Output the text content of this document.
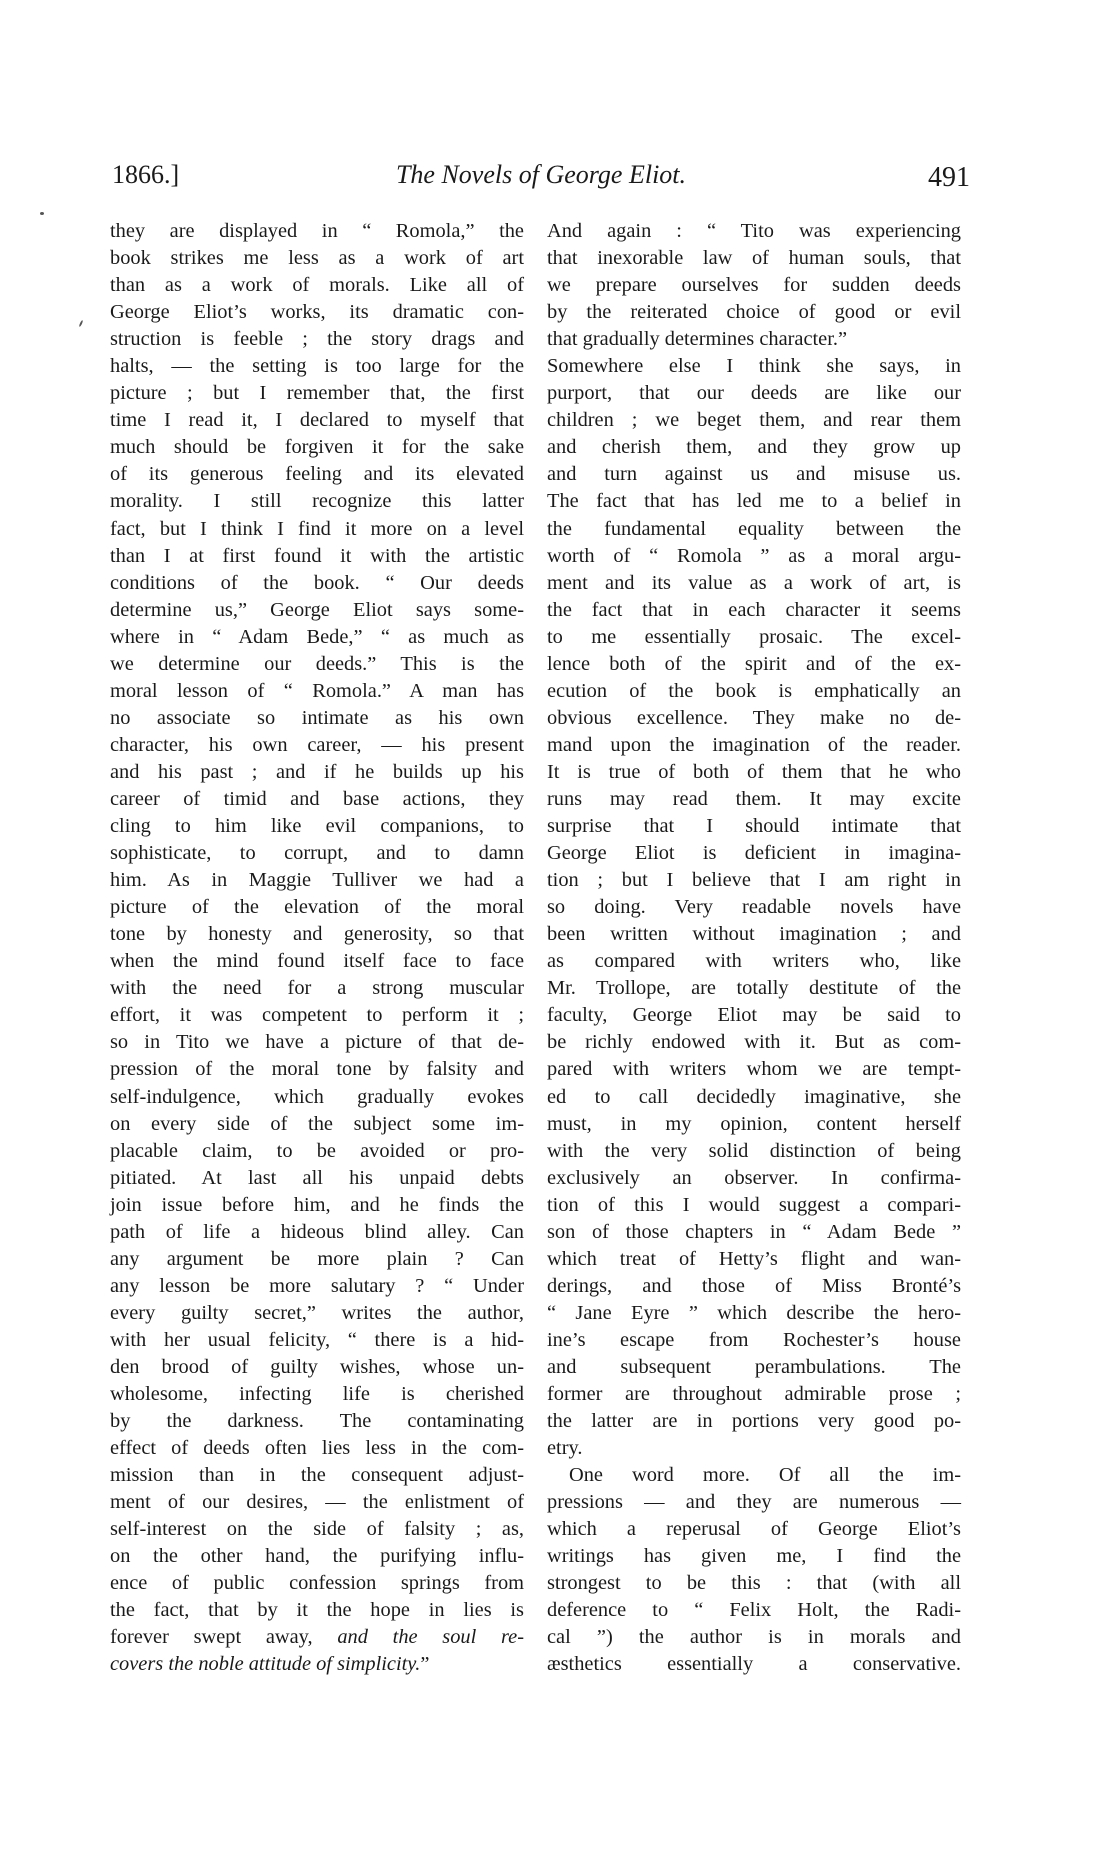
1866.]	The Novels of George Eliot.	491
they are displayed in “ Romola,” the
book strikes me less as a work of art
than as a work of morals. Like all of
George Eliot’s works, its dramatic con-
struction is feeble ; the story drags and
halts, — the setting is too large for the
picture ; but I remember that, the first
time I read it, I declared to myself that
much should be forgiven it for the sake
of its generous feeling and its elevated
morality. I still recognize this latter
fact, but I think I find it more on a level
than I at first found it with the artistic
conditions of the book. “ Our deeds
determine us,” George Eliot says some-
where in “ Adam Bede,” “ as much as
we determine our deeds.” This is the
moral lesson of “ Romola.” A man has
no associate so intimate as his own
character, his own career, — his present
and his past ; and if he builds up his
career of timid and base actions, they
cling to him like evil companions, to
sophisticate, to corrupt, and to damn
him. As in Maggie Tulliver we had a
picture of the elevation of the moral
tone by honesty and generosity, so that
when the mind found itself face to face
with the need for a strong muscular
effort, it was competent to perform it ;
so in Tito we have a picture of that de-
pression of the moral tone by falsity and
self-indulgence, which gradually evokes
on every side of the subject some im-
placable claim, to be avoided or pro-
pitiated. At last all his unpaid debts
join issue before him, and he finds the
path of life a hideous blind alley. Can
any argument be more plain ? Can
any lesson be more salutary ? “ Under
every guilty secret,” writes the author,
with her usual felicity, “ there is a hid-
den brood of guilty wishes, whose un-
wholesome, infecting life is cherished
by the darkness. The contaminating
effect of deeds often lies less in the com-
mission than in the consequent adjust-
ment of our desires, — the enlistment of
self-interest on the side of falsity ; as,
on the other hand, the purifying influ-
ence of public confession springs from
the fact, that by it the hope in lies is
forever swept away, and the soul re-
covers the noble attitude of simplicity.”
And again : “ Tito was experiencing
that inexorable law of human souls, that
we prepare ourselves for sudden deeds
by the reiterated choice of good or evil
that gradually determines character.”
Somewhere else I think she says, in
purport, that our deeds are like our
children ; we beget them, and rear them
and cherish them, and they grow up
and turn against us and misuse us.
The fact that has led me to a belief in
the fundamental equality between the
worth of “ Romola ” as a moral argu-
ment and its value as a work of art, is
the fact that in each character it seems
to me essentially prosaic. The excel-
lence both of the spirit and of the ex-
ecution of the book is emphatically an
obvious excellence. They make no de-
mand upon the imagination of the reader.
It is true of both of them that he who
runs may read them. It may excite
surprise that I should intimate that
George Eliot is deficient in imagina-
tion ; but I believe that I am right in
so doing. Very readable novels have
been written without imagination ; and
as compared with writers who, like
Mr. Trollope, are totally destitute of the
faculty, George Eliot may be said to
be richly endowed with it. But as com-
pared with writers whom we are tempt-
ed to call decidedly imaginative, she
must, in my opinion, content herself
with the very solid distinction of being
exclusively an observer. In confirma-
tion of this I would suggest a compari-
son of those chapters in “ Adam Bede ”
which treat of Hetty’s flight and wan-
derings, and those of Miss Bronté’s
“ Jane Eyre ” which describe the hero-
ine’s escape from Rochester’s house
and subsequent perambulations. The
former are throughout admirable prose ;
the latter are in portions very good po-
etry.
One word more. Of all the im-
pressions — and they are numerous —
which a reperusal of George Eliot’s
writings has given me, I find the
strongest to be this : that (with all
deference to “ Felix Holt, the Radi-
cal ”) the author is in morals and
æsthetics essentially a conservative.
